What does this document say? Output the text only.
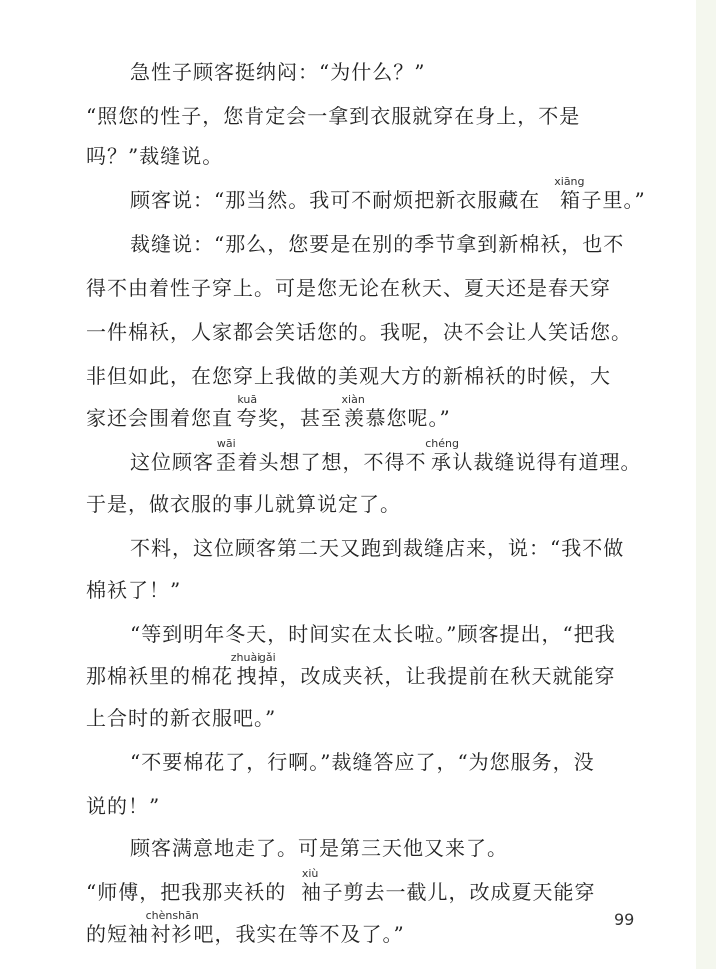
急性子顾客挺纳闷：“为什么？”
“照您的性子，您肯定会一拿到衣服就穿在身上，不是
吗？”裁缝说。
顾客说：“那当然。我可不耐烦把新衣服藏在 箱
xiāng
子里。”
裁缝说：“那么，您要是在别的季节拿到新棉袄，也不
得不由着性子穿上。可是您无论在秋天、夏天还是春天穿
一件棉袄，人家都会笑话您的。我呢，决不会让人笑话您。
非但如此，在您穿上我做的美观大方的新棉袄的时候，大
家还会围着您直 夸
kuā
奖，甚至 羡
xiàn
慕您呢。”
这位顾客 歪
wāi
着头想了想，不得不 承
chéng
认裁缝说得有道理。
于是，做衣服的事儿就算说定了。
不料，这位顾客第二天又跑到裁缝店来，说：“我不做
棉袄了！”
“等到明年冬天，时间实在太长啦。”顾客提出，“把我
那棉袄里的棉花 拽
zhuài
掉
gǎi
，改成夹袄，让我提前在秋天就能穿
上合时的新衣服吧。”
“不要棉花了，行啊。”裁缝答应了，“为您服务，没
说的！”
顾客满意地走了。可是第三天他又来了。
“师傅，把我那夹袄的 袖
xiù
子剪去一截儿，改成夏天能穿
的短袖 衬衫
chènshān
吧，我实在等不及了。”
99
